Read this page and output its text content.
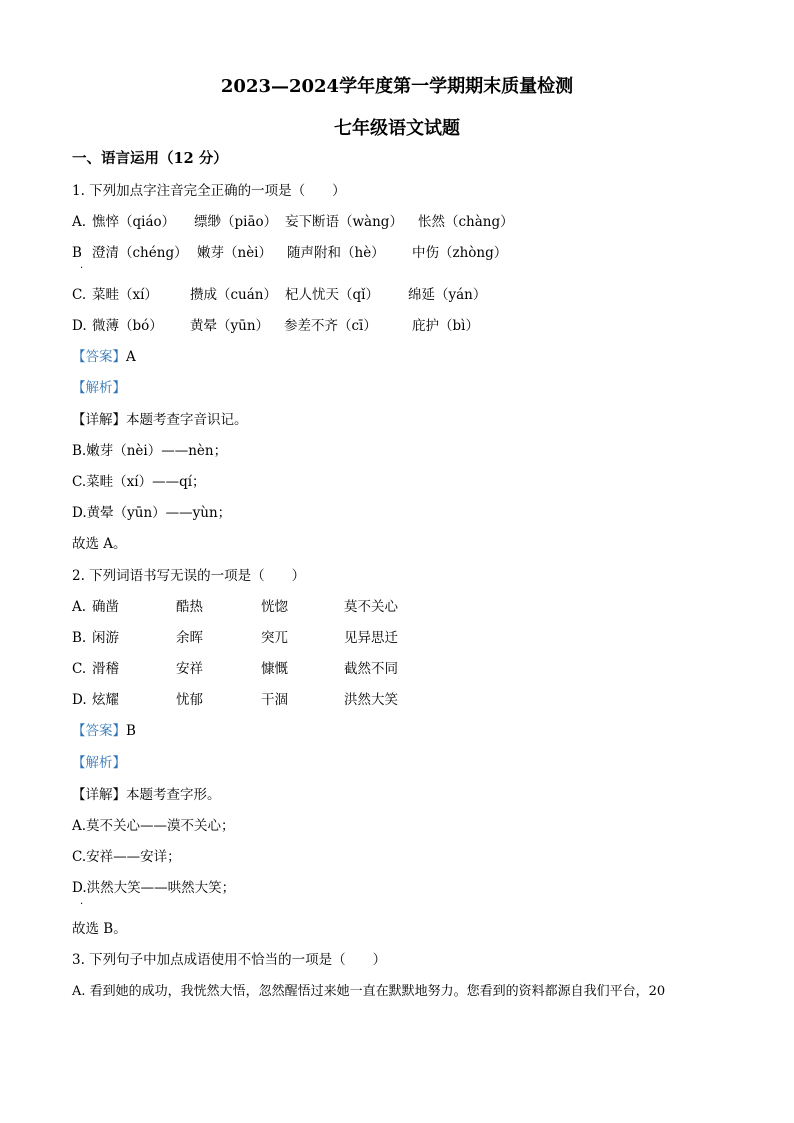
2023—2024学年度第一学期期末质量检测
七年级语文试题
一、语言运用（12 分）
1. 下列加点字注音完全正确的一项是（　　）
A. 憔悴（qiáo） 缥缈（piāo） 妄下断语（wàng） 怅然（chàng）
B 澄清（chéng） 嫩芽（nèi） 随声附和（hè） 中伤（zhòng）
·
C. 菜畦（xí） 攒成（cuán） 杞人忧天（qǐ） 绵延（yán）
D. 微薄（bó） 黄晕（yūn） 参差不齐（cī）	庇护（bì）
【答案】A
【解析】
【详解】本题考查字音识记。
B.嫩芽（nèi）——nèn；
C.菜畦（xí）——qí；
D.黄晕（yūn）——yùn；
故选 A。
2. 下列词语书写无误的一项是（　　）
A. 确凿	酷热	恍惚	莫不关心
B. 闲游	余晖	突兀	见异思迁
C. 滑稽	安祥	慷慨	截然不同
D. 炫耀	忧郁	干涸	洪然大笑
【答案】B
【解析】
【详解】本题考查字形。
A.莫不关心——漠不关心；
C.安祥——安详；
D.洪然大笑——哄然大笑；
·
故选 B。
3. 下列句子中加点成语使用不恰当的一项是（　　）
A. 看到她的成功，我恍然大悟，忽然醒悟过来她一直在默默地努力。您看到的资料都源自我们平台，20
